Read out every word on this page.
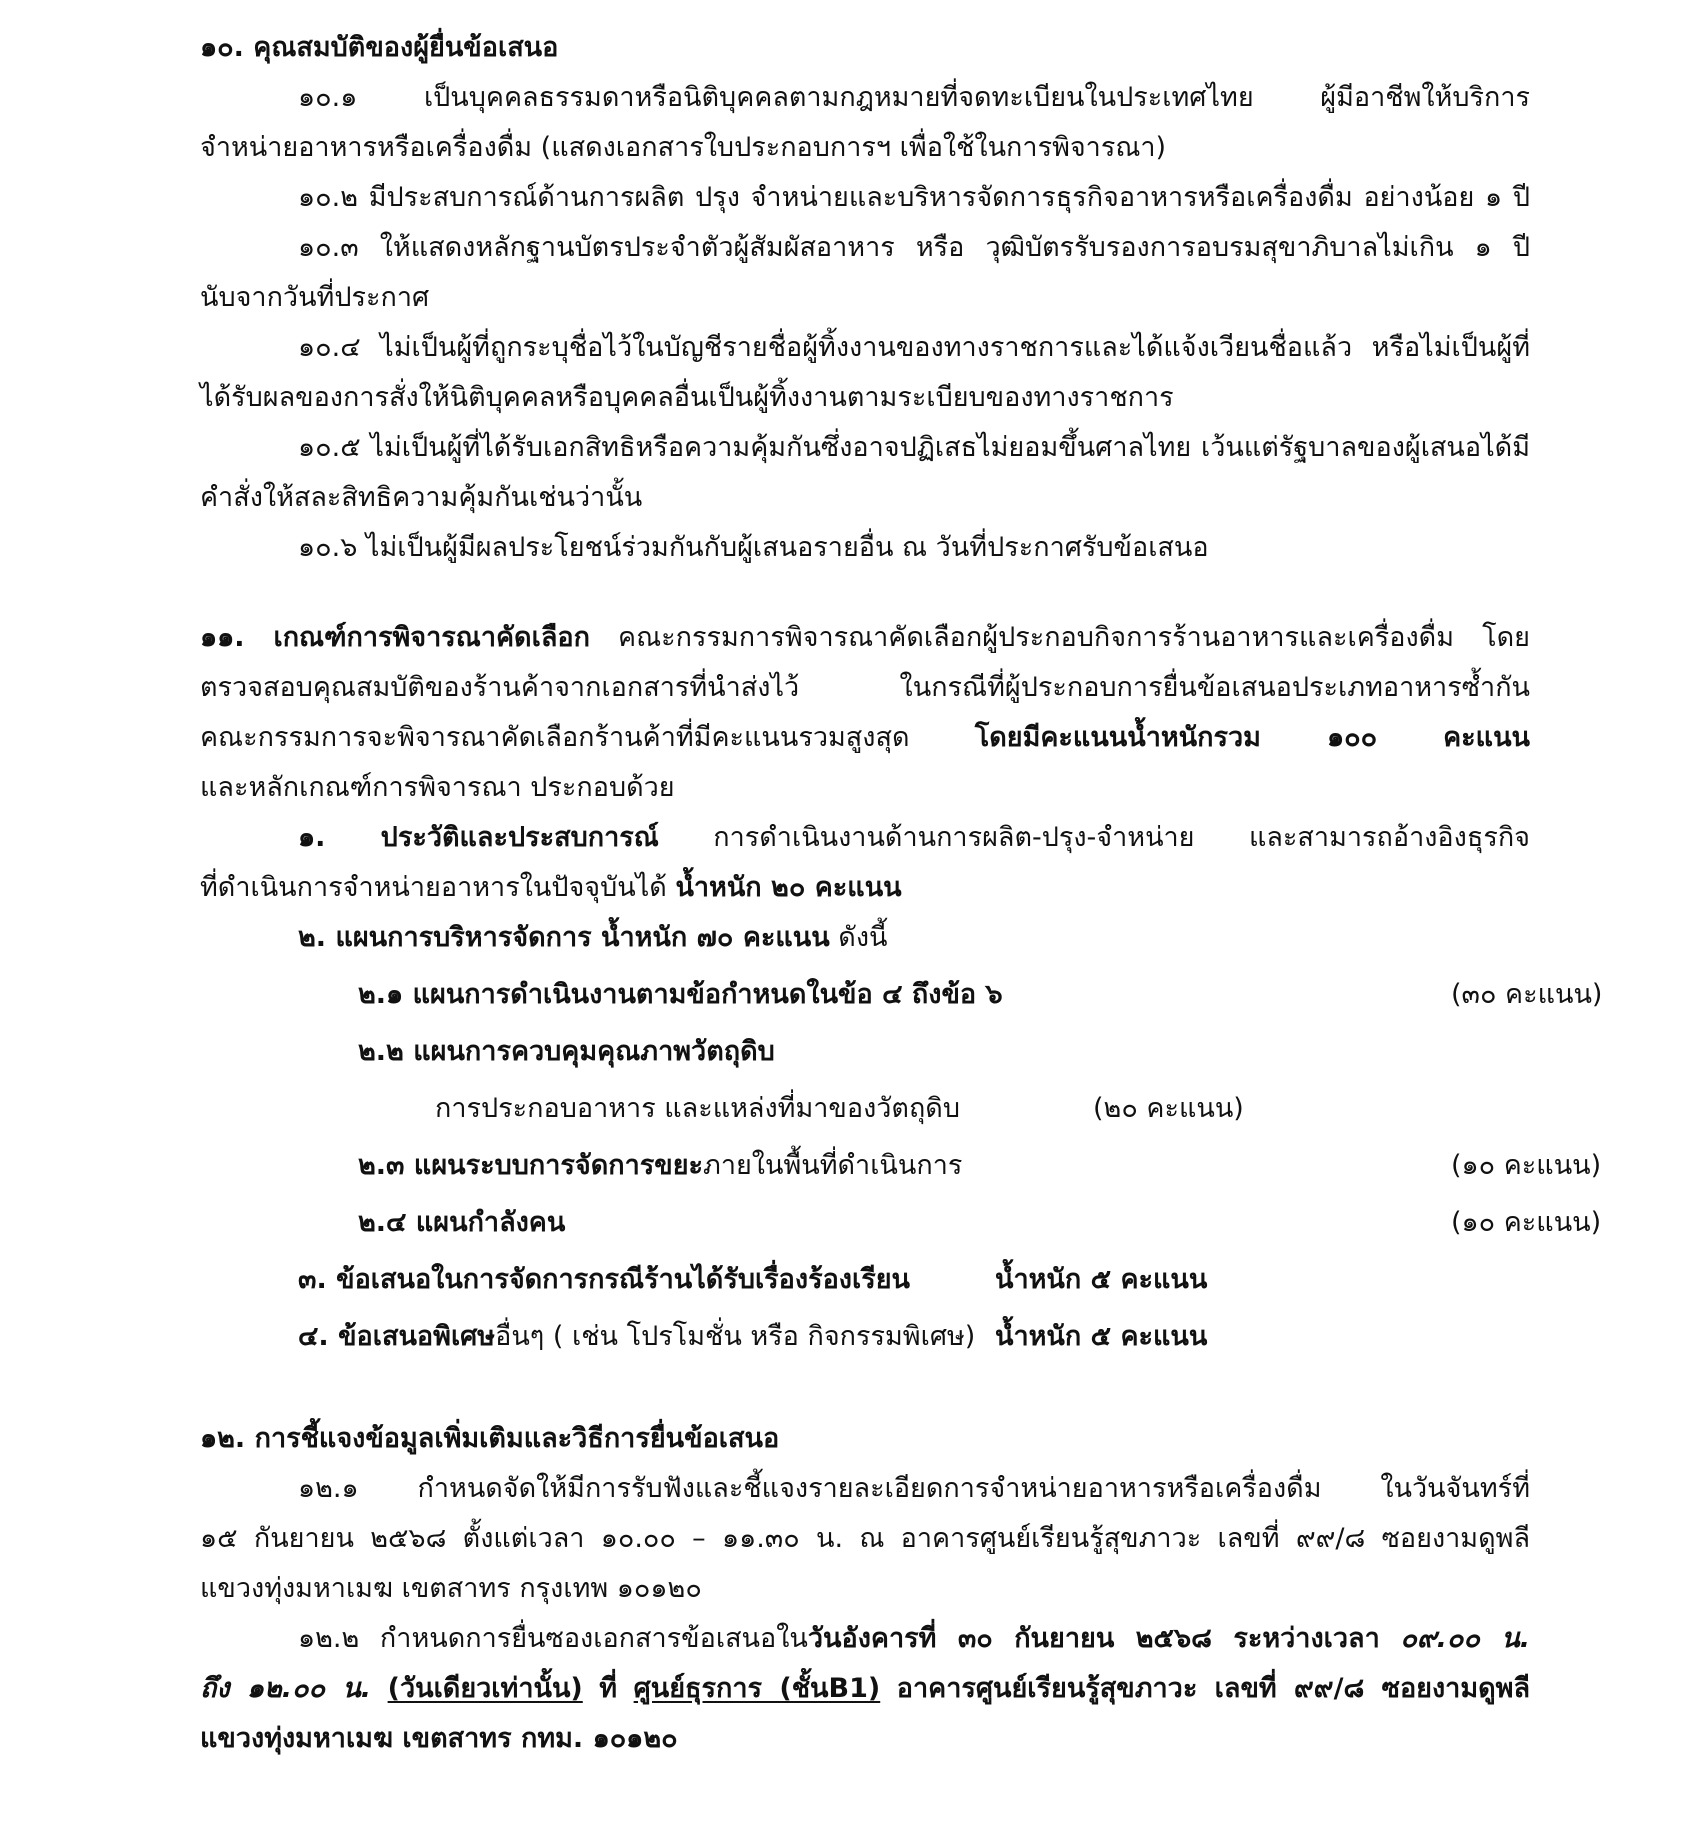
๑๐. คุณสมบัติของผู้ยื่นข้อเสนอ
๑๐.๑ เป็นบุคคลธรรมดาหรือนิติบุคคลตามกฎหมายที่จดทะเบียนในประเทศไทย ผู้มีอาชีพให้บริการ
จำหน่ายอาหารหรือเครื่องดื่ม (แสดงเอกสารใบประกอบการฯ เพื่อใช้ในการพิจารณา)
๑๐.๒ มีประสบการณ์ด้านการผลิต ปรุง จำหน่ายและบริหารจัดการธุรกิจอาหารหรือเครื่องดื่ม อย่างน้อย ๑ ปี
๑๐.๓ ให้แสดงหลักฐานบัตรประจำตัวผู้สัมผัสอาหาร หรือ วุฒิบัตรรับรองการอบรมสุขาภิบาลไม่เกิน ๑ ปี
นับจากวันที่ประกาศ
๑๐.๔ ไม่เป็นผู้ที่ถูกระบุชื่อไว้ในบัญชีรายชื่อผู้ทิ้งงานของทางราชการและได้แจ้งเวียนชื่อแล้ว หรือไม่เป็นผู้ที่
ได้รับผลของการสั่งให้นิติบุคคลหรือบุคคลอื่นเป็นผู้ทิ้งงานตามระเบียบของทางราชการ
๑๐.๕ ไม่เป็นผู้ที่ได้รับเอกสิทธิหรือความคุ้มกันซึ่งอาจปฏิเสธไม่ยอมขึ้นศาลไทย เว้นแต่รัฐบาลของผู้เสนอได้มี
คำสั่งให้สละสิทธิความคุ้มกันเช่นว่านั้น
๑๐.๖ ไม่เป็นผู้มีผลประโยชน์ร่วมกันกับผู้เสนอรายอื่น ณ วันที่ประกาศรับข้อเสนอ
๑๑. เกณฑ์การพิจารณาคัดเลือก คณะกรรมการพิจารณาคัดเลือกผู้ประกอบกิจการร้านอาหารและเครื่องดื่ม โดย
ตรวจสอบคุณสมบัติของร้านค้าจากเอกสารที่นำส่งไว้ ในกรณีที่ผู้ประกอบการยื่นข้อเสนอประเภทอาหารซ้ำกัน
คณะกรรมการจะพิจารณาคัดเลือกร้านค้าที่มีคะแนนรวมสูงสุด โดยมีคะแนนน้ำหนักรวม ๑๐๐ คะแนน
และหลักเกณฑ์การพิจารณา ประกอบด้วย
๑. ประวัติและประสบการณ์ การดำเนินงานด้านการผลิต-ปรุง-จำหน่าย และสามารถอ้างอิงธุรกิจ
ที่ดำเนินการจำหน่ายอาหารในปัจจุบันได้ น้ำหนัก ๒๐ คะแนน
๒. แผนการบริหารจัดการ น้ำหนัก ๗๐ คะแนน ดังนี้
๒.๑ แผนการดำเนินงานตามข้อกำหนดในข้อ ๔ ถึงข้อ ๖	(๓๐ คะแนน)
๒.๒ แผนการควบคุมคุณภาพวัตถุดิบ
การประกอบอาหาร และแหล่งที่มาของวัตถุดิบ	(๒๐ คะแนน)
๒.๓ แผนระบบการจัดการขยะภายในพื้นที่ดำเนินการ	(๑๐ คะแนน)
๒.๔ แผนกำลังคน	(๑๐ คะแนน)
๓. ข้อเสนอในการจัดการกรณีร้านได้รับเรื่องร้องเรียน	น้ำหนัก ๕ คะแนน
๔. ข้อเสนอพิเศษอื่นๆ ( เช่น โปรโมชั่น หรือ กิจกรรมพิเศษ) น้ำหนัก ๕ คะแนน
๑๒. การชี้แจงข้อมูลเพิ่มเติมและวิธีการยื่นข้อเสนอ
๑๒.๑ กำหนดจัดให้มีการรับฟังและชี้แจงรายละเอียดการจำหน่ายอาหารหรือเครื่องดื่ม ในวันจันทร์ที่
๑๕ กันยายน ๒๕๖๘ ตั้งแต่เวลา ๑๐.๐๐ – ๑๑.๓๐ น. ณ อาคารศูนย์เรียนรู้สุขภาวะ เลขที่ ๙๙/๘ ซอยงามดูพลี
แขวงทุ่งมหาเมฆ เขตสาทร กรุงเทพ ๑๐๑๒๐
๑๒.๒ กำหนดการยื่นซองเอกสารข้อเสนอในวันอังคารที่ ๓๐ กันยายน ๒๕๖๘ ระหว่างเวลา ๐๙.๐๐ น.
ถึง ๑๒.๐๐ น. (วันเดียวเท่านั้น) ที่ ศูนย์ธุรการ (ชั้นB1) อาคารศูนย์เรียนรู้สุขภาวะ เลขที่ ๙๙/๘ ซอยงามดูพลี
แขวงทุ่งมหาเมฆ เขตสาทร กทม. ๑๐๑๒๐
